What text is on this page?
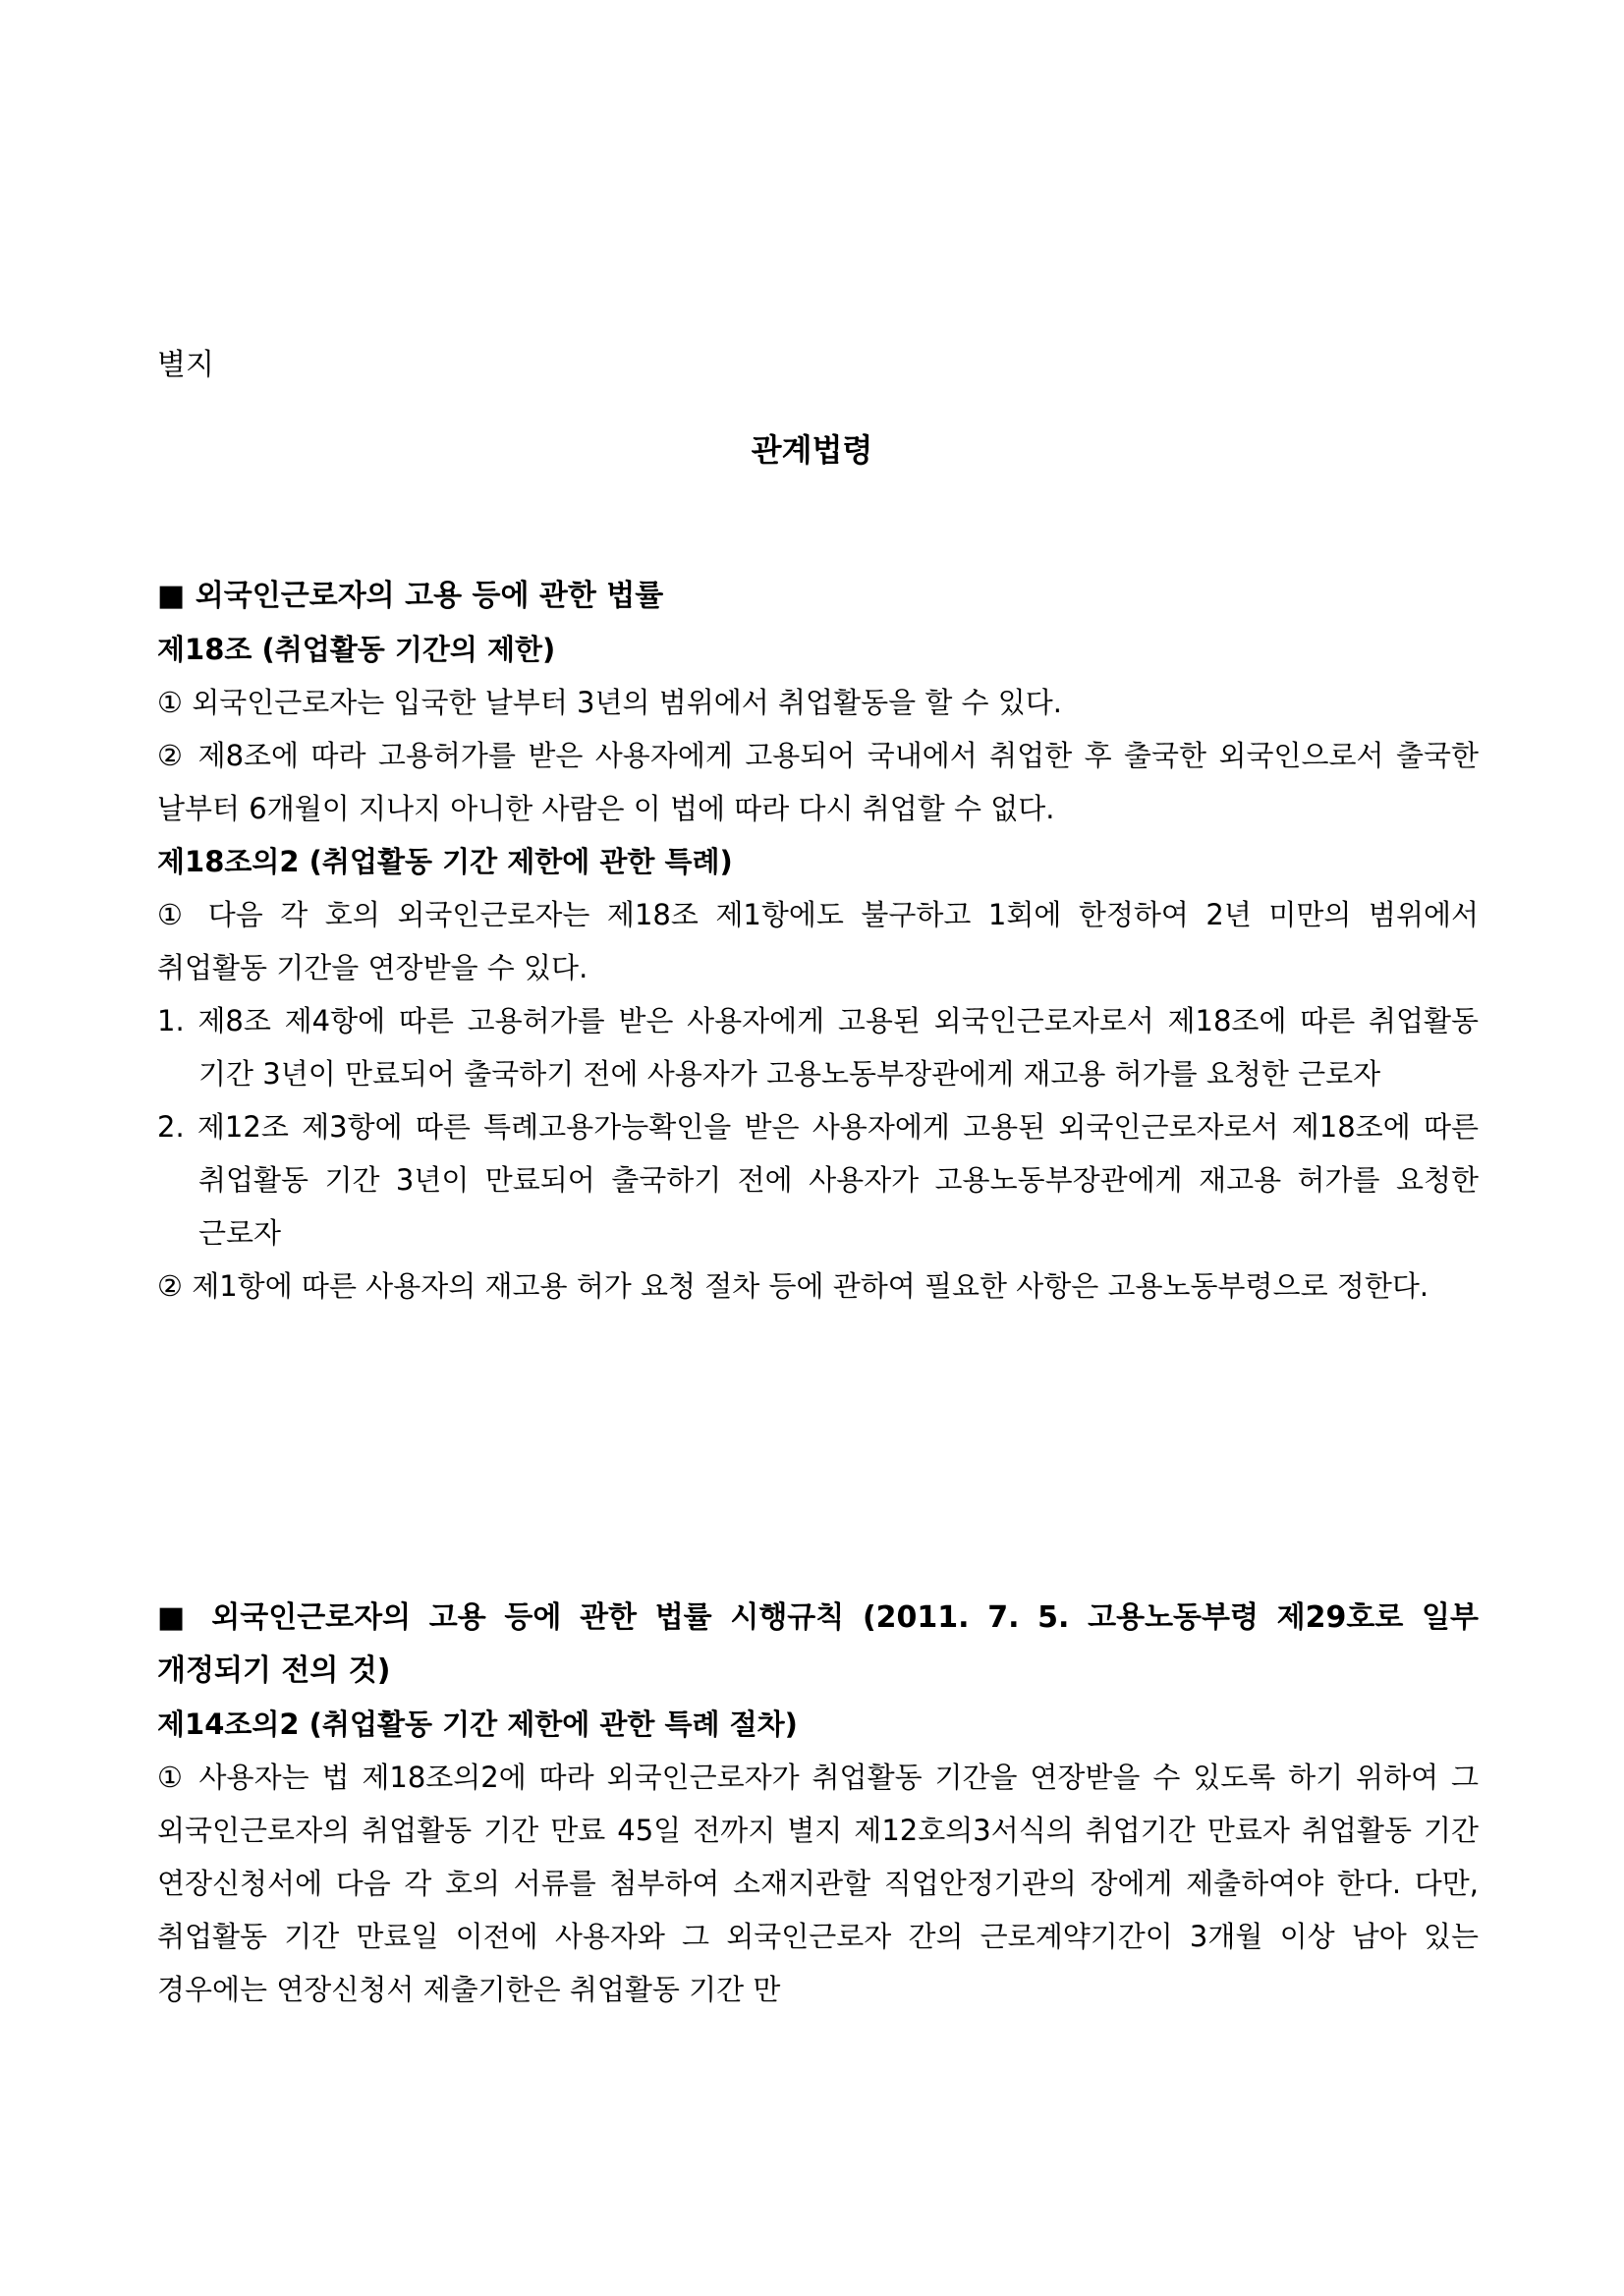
별지
관계법령

■ 외국인근로자의 고용 등에 관한 법률

제18조 (취업활동 기간의 제한)

① 외국인근로자는 입국한 날부터 3년의 범위에서 취업활동을 할 수 있다.

② 제8조에 따라 고용허가를 받은 사용자에게 고용되어 국내에서 취업한 후 출국한 외국인으로서 출국한 날부터 6개월이 지나지 아니한 사람은 이 법에 따라 다시 취업할 수 없다.

제18조의2 (취업활동 기간 제한에 관한 특례)

① 다음 각 호의 외국인근로자는 제18조 제1항에도 불구하고 1회에 한정하여 2년 미만의 범위에서 취업활동 기간을 연장받을 수 있다.

1. 제8조 제4항에 따른 고용허가를 받은 사용자에게 고용된 외국인근로자로서 제18조에 따른 취업활동 기간 3년이 만료되어 출국하기 전에 사용자가 고용노동부장관에게 재고용 허가를 요청한 근로자

2. 제12조 제3항에 따른 특례고용가능확인을 받은 사용자에게 고용된 외국인근로자로서 제18조에 따른 취업활동 기간 3년이 만료되어 출국하기 전에 사용자가 고용노동부장관에게 재고용 허가를 요청한 근로자

② 제1항에 따른 사용자의 재고용 허가 요청 절차 등에 관하여 필요한 사항은 고용노동부령으로 정한다.

■ 외국인근로자의 고용 등에 관한 법률 시행규칙 (2011. 7. 5. 고용노동부령 제29호로 일부 개정되기 전의 것)

제14조의2 (취업활동 기간 제한에 관한 특례 절차)

① 사용자는 법 제18조의2에 따라 외국인근로자가 취업활동 기간을 연장받을 수 있도록 하기 위하여 그 외국인근로자의 취업활동 기간 만료 45일 전까지 별지 제12호의3서식의 취업기간 만료자 취업활동 기간 연장신청서에 다음 각 호의 서류를 첨부하여 소재지관할 직업안정기관의 장에게 제출하여야 한다. 다만, 취업활동 기간 만료일 이전에 사용자와 그 외국인근로자 간의 근로계약기간이 3개월 이상 남아 있는 경우에는 연장신청서 제출기한은 취업활동 기간 만
